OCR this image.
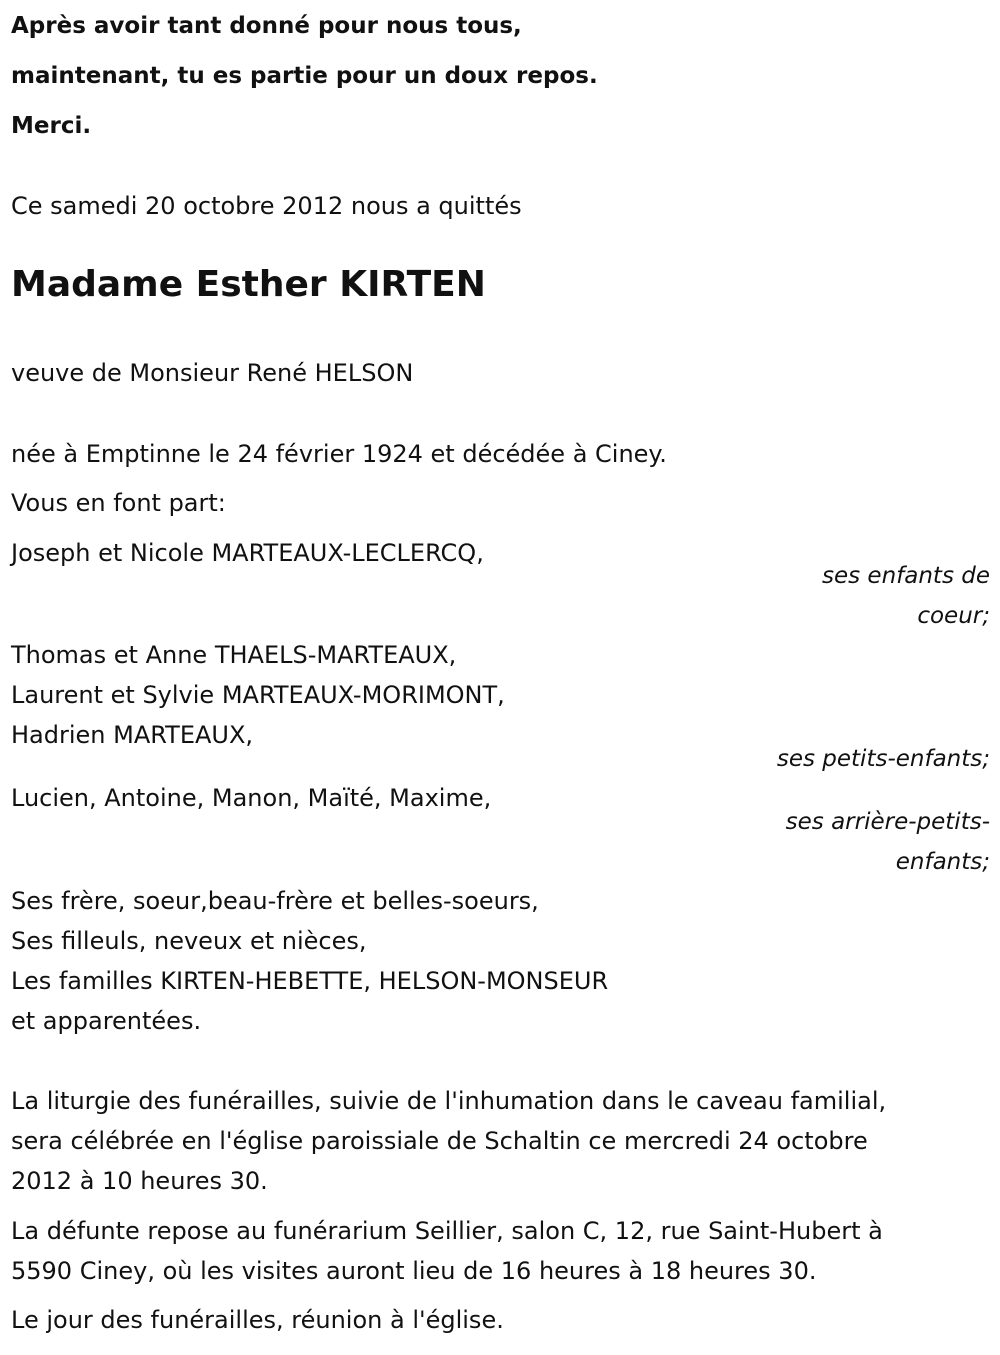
Après avoir tant donné pour nous tous,
maintenant, tu es partie pour un doux repos.
Merci.
Ce samedi 20 octobre 2012 nous a quittés
Madame Esther KIRTEN
veuve de Monsieur René HELSON
née à Emptinne le 24 février 1924 et décédée à Ciney.
Vous en font part:
Joseph et Nicole MARTEAUX-LECLERCQ,
ses enfants de
coeur;
Thomas et Anne THAELS-MARTEAUX,
Laurent et Sylvie MARTEAUX-MORIMONT,
Hadrien MARTEAUX,
ses petits-enfants;
Lucien, Antoine, Manon, Maïté, Maxime,
ses arrière-petits-
enfants;
Ses frère, soeur,beau-frère et belles-soeurs,
Ses filleuls, neveux et nièces,
Les familles KIRTEN-HEBETTE, HELSON-MONSEUR
et apparentées.
La liturgie des funérailles, suivie de l'inhumation dans le caveau familial,
sera célébrée en l'église paroissiale de Schaltin ce mercredi 24 octobre
2012 à 10 heures 30.
La défunte repose au funérarium Seillier, salon C, 12, rue Saint-Hubert à
5590 Ciney, où les visites auront lieu de 16 heures à 18 heures 30.
Le jour des funérailles, réunion à l'église.
